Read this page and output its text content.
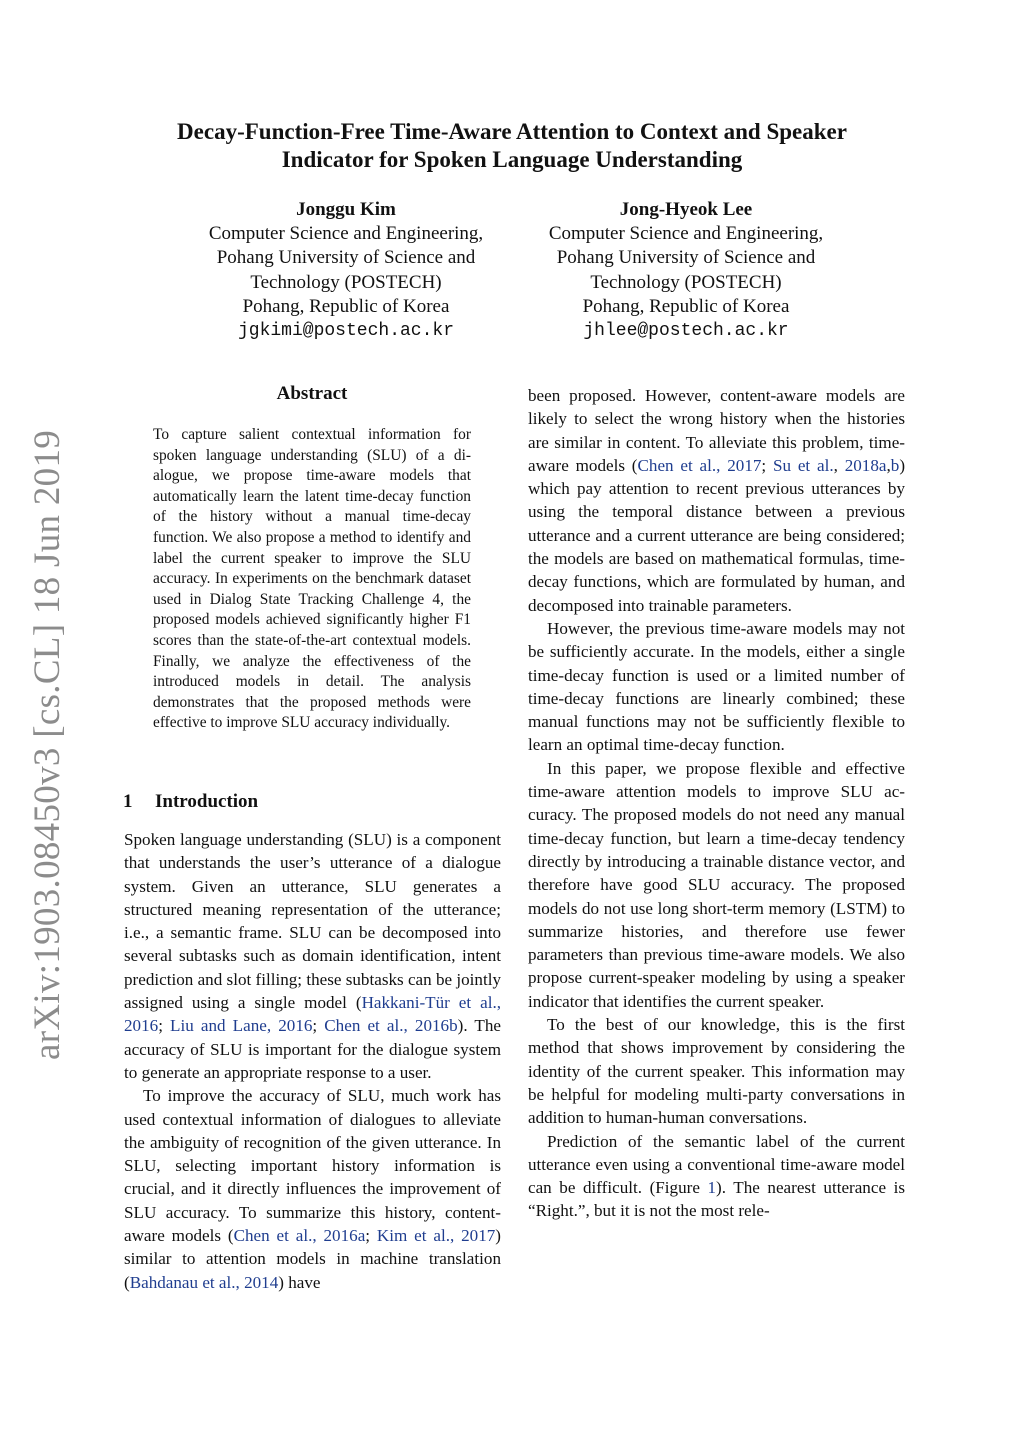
arXiv:1903.08450v3 [cs.CL] 18 Jun 2019
Decay-Function-Free Time-Aware Attention to Context and Speaker
Indicator for Spoken Language Understanding
Jonggu Kim
Computer Science and Engineering,
Pohang University of Science and
Technology (POSTECH)
Pohang, Republic of Korea
jgkimi@postech.ac.kr
Jong-Hyeok Lee
Computer Science and Engineering,
Pohang University of Science and
Technology (POSTECH)
Pohang, Republic of Korea
jhlee@postech.ac.kr
Abstract
To capture salient contextual information for spoken language understanding (SLU) of a dialogue, we propose time-aware models that automatically learn the latent time-decay function of the history without a manual time-decay function. We also propose a method to identify and label the current speaker to improve the SLU accuracy. In experiments on the benchmark dataset used in Dialog State Tracking Challenge 4, the proposed models achieved significantly higher F1 scores than the state-of-the-art contextual models. Finally, we analyze the effectiveness of the introduced models in detail. The analysis demonstrates that the proposed methods were effective to improve SLU accuracy individually.
1 Introduction

Spoken language understanding (SLU) is a component that understands the user’s utterance of a dialogue system. Given an utterance, SLU generates a structured meaning representation of the utterance; i.e., a semantic frame. SLU can be decomposed into several subtasks such as domain identification, intent prediction and slot filling; these subtasks can be jointly assigned using a single model (Hakkani-Tür et al., 2016; Liu and Lane, 2016; Chen et al., 2016b). The accuracy of SLU is important for the dialogue system to generate an appropriate response to a user.

To improve the accuracy of SLU, much work has used contextual information of dialogues to alleviate the ambiguity of recognition of the given utterance. In SLU, selecting important history information is crucial, and it directly influences the improvement of SLU accuracy. To summarize this history, content-aware models (Chen et al., 2016a; Kim et al., 2017) similar to attention models in machine translation (Bahdanau et al., 2014) have

been proposed. However, content-aware models are likely to select the wrong history when the histories are similar in content. To alleviate this problem, time-aware models (Chen et al., 2017; Su et al., 2018a,b) which pay attention to recent previous utterances by using the temporal distance between a previous utterance and a current utterance are being considered; the models are based on mathematical formulas, time-decay functions, which are formulated by human, and decomposed into trainable parameters.

However, the previous time-aware models may not be sufficiently accurate. In the models, either a single time-decay function is used or a limited number of time-decay functions are linearly combined; these manual functions may not be sufficiently flexible to learn an optimal time-decay function.

In this paper, we propose flexible and effective time-aware attention models to improve SLU accuracy. The proposed models do not need any manual time-decay function, but learn a time-decay tendency directly by introducing a trainable distance vector, and therefore have good SLU accuracy. The proposed models do not use long short-term memory (LSTM) to summarize histories, and therefore use fewer parameters than previous time-aware models. We also propose current-speaker modeling by using a speaker indicator that identifies the current speaker.

To the best of our knowledge, this is the first method that shows improvement by considering the identity of the current speaker. This information may be helpful for modeling multi-party conversations in addition to human-human conversations.

Prediction of the semantic label of the current utterance even using a conventional time-aware model can be difficult. (Figure 1). The nearest utterance is “Right.”, but it is not the most rele-
